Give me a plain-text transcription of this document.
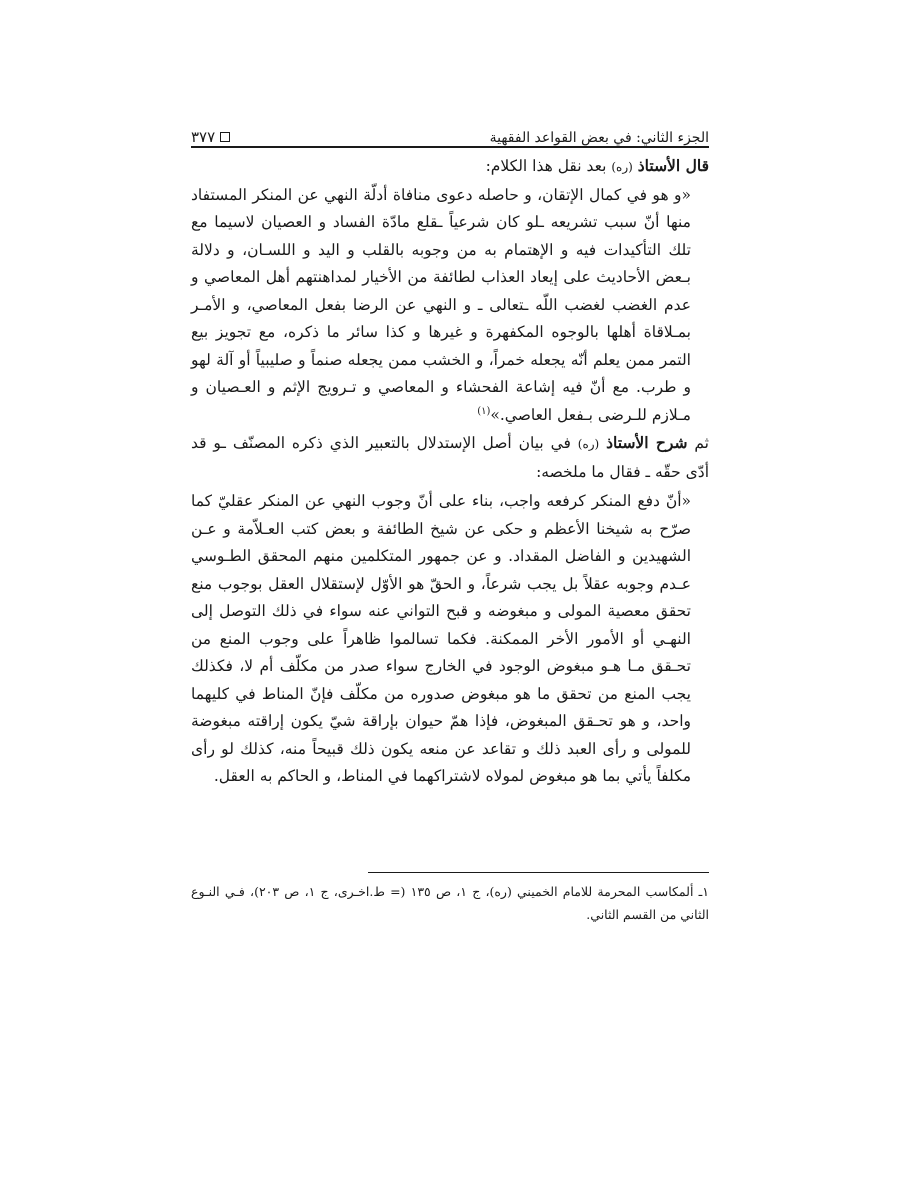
الجزء الثاني: في بعض القواعد الفقهية
٣٧٧

قال الأستاذ (ره) بعد نقل هذا الكلام:

«و هو في كمال الإتقان، و حاصله دعوى منافاة أدلّة النهي عن المنكر المستفاد منها أنّ سبب تشريعه ـلو كان شرعياً ـقلع مادّة الفساد و العصيان لاسيما مع تلك التأكيدات فيه و الإهتمام به من وجوبه بالقلب و اليد و اللسـان، و دلالة بـعض الأحاديث على إيعاد العذاب لطائفة من الأخيار لمداهنتهم أهل المعاصي و عدم الغضب لغضب اللّه ـتعالى ـ و النهي عن الرضا بفعل المعاصي، و الأمـر بمـلاقاة أهلها بالوجوه المكفهرة و غيرها و كذا سائر ما ذكره، مع تجويز بيع التمر ممن يعلم أنّه يجعله خمراً، و الخشب ممن يجعله صنماً و صليبياً أو آلة لهو و طرب. مع أنّ فيه إشاعة الفحشاء و المعاصي و تـرويج الإثم و العـصيان و مـلازم للـرضى بـفعل العاصي.»$^{(١)}$

ثم شرح الأستاذ (ره) في بيان أصل الإستدلال بالتعبير الذي ذكره المصنّف ـو قد أدّى حقّه ـ فقال ما ملخصه:

«أنّ دفع المنكر كرفعه واجب، بناء على أنّ وجوب النهي عن المنكر عقليّ كما صرّح به شيخنا الأعظم و حكى عن شيخ الطائفة و بعض كتب العـلاّمة و عـن الشهيدين و الفاضل المقداد. و عن جمهور المتكلمين منهم المحقق الطـوسي عـدم وجوبه عقلاً بل يجب شرعاً، و الحقّ هو الأوّل لإستقلال العقل بوجوب منع تحقق معصية المولى و مبغوضه و قبح التواني عنه سواء في ذلك التوصل إلى النهـي أو الأمور الأخر الممكنة. فكما تسالموا ظاهراً على وجوب المنع من تحـقق مـا هـو مبغوض الوجود في الخارج سواء صدر من مكلّف أم لا، فكذلك يجب المنع من تحقق ما هو مبغوض صدوره من مكلّف فإنّ المناط في كليهما واحد، و هو تحـقق المبغوض، فإذا همّ حيوان بإراقة شيّ يكون إراقته مبغوضة للمولى و رأى العبد ذلك و تقاعد عن منعه يكون ذلك قبيحاً منه، كذلك لو رأى مكلفاً يأتي بما هو مبغوض لمولاه لاشتراكهما في المناط، و الحاكم به العقل.

١ـ ألمكاسب المحرمة للامام الخميني (ره)، ج ١، ص ١٣٥ (= ط.اخـرى، ج ١، ص ٢٠٣)، فـي النـوع الثاني من القسم الثاني.
